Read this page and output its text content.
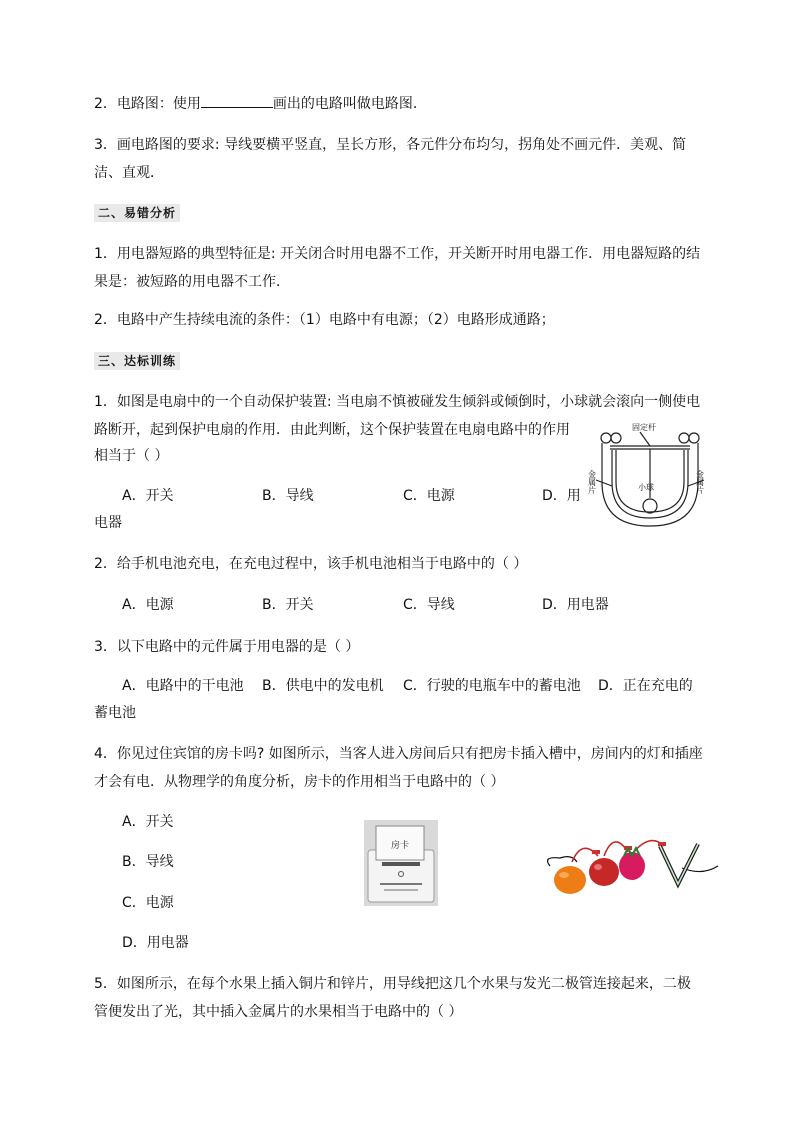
2．电路图：使用	画出的电路叫做电路图．

3．画电路图的要求: 导线要横平竖直，呈长方形，各元件分布均匀，拐角处不画元件．美观、简洁、直观．

二、易错分析

1．用电器短路的典型特征是: 开关闭合时用电器不工作，开关断开时用电器工作．用电器短路的结果是：被短路的用电器不工作．

2．电路中产生持续电流的条件：（1）电路中有电源；（2）电路形成通路；

三、达标训练

1．如图是电扇中的一个自动保护装置: 当电扇不慎被碰发生倾斜或倾倒时，小球就会滚向一侧使电

路断开，起到保护电扇的作用．由此判断，这个保护装置在电扇电路中的作用

相当于（ ）

A．开关	B．导线	C．电源	D．用
电器
固定杆
小球
金属片	金属片

2．给手机电池充电，在充电过程中，该手机电池相当于电路中的（ ）

A．电源	B．开关	C．导线	D．用电器

3．以下电路中的元件属于用电器的是（ ）

A．电路中的干电池 B．供电中的发电机 C．行驶的电瓶车中的蓄电池 D．正在充电的
蓄电池

4．你见过住宾馆的房卡吗? 如图所示，当客人进入房间后只有把房卡插入槽中，房间内的灯和插座才会有电．从物理学的角度分析，房卡的作用相当于电路中的（ ）

A．开关
B．导线
C．电源
D．用电器
房卡

5．如图所示，在每个水果上插入铜片和锌片，用导线把这几个水果与发光二极管连接起来，二极管便发出了光，其中插入金属片的水果相当于电路中的（ ）
